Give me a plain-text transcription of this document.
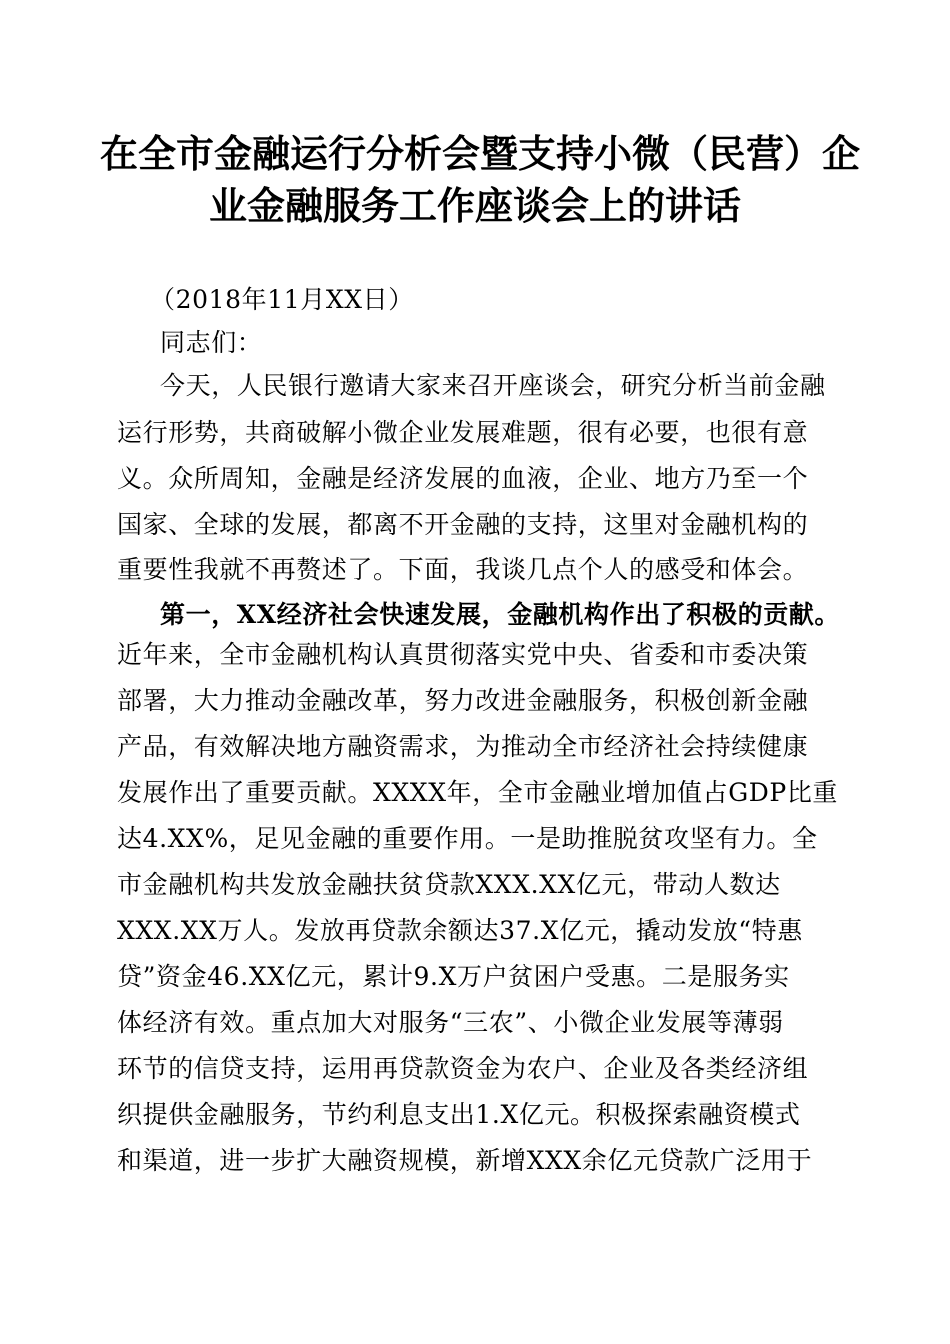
在全市金融运行分析会暨支持小微（民营）企
业金融服务工作座谈会上的讲话
（2018年11月XX日）
同志们：
今天，人民银行邀请大家来召开座谈会，研究分析当前金融
运行形势，共商破解小微企业发展难题，很有必要，也很有意
义。众所周知，金融是经济发展的血液，企业、地方乃至一个
国家、全球的发展，都离不开金融的支持，这里对金融机构的
重要性我就不再赘述了。下面，我谈几点个人的感受和体会。
第一，XX经济社会快速发展，金融机构作出了积极的贡献。
近年来，全市金融机构认真贯彻落实党中央、省委和市委决策
部署，大力推动金融改革，努力改进金融服务，积极创新金融
产品，有效解决地方融资需求，为推动全市经济社会持续健康
发展作出了重要贡献。XXXX年，全市金融业增加值占GDP比重
达4.XX%，足见金融的重要作用。一是助推脱贫攻坚有力。全
市金融机构共发放金融扶贫贷款XXX.XX亿元，带动人数达
XXX.XX万人。发放再贷款余额达37.X亿元，撬动发放“特惠
贷”资金46.XX亿元，累计9.X万户贫困户受惠。二是服务实
体经济有效。重点加大对服务“三农”、小微企业发展等薄弱
环节的信贷支持，运用再贷款资金为农户、企业及各类经济组
织提供金融服务，节约利息支出1.X亿元。积极探索融资模式
和渠道，进一步扩大融资规模，新增XXX余亿元贷款广泛用于
